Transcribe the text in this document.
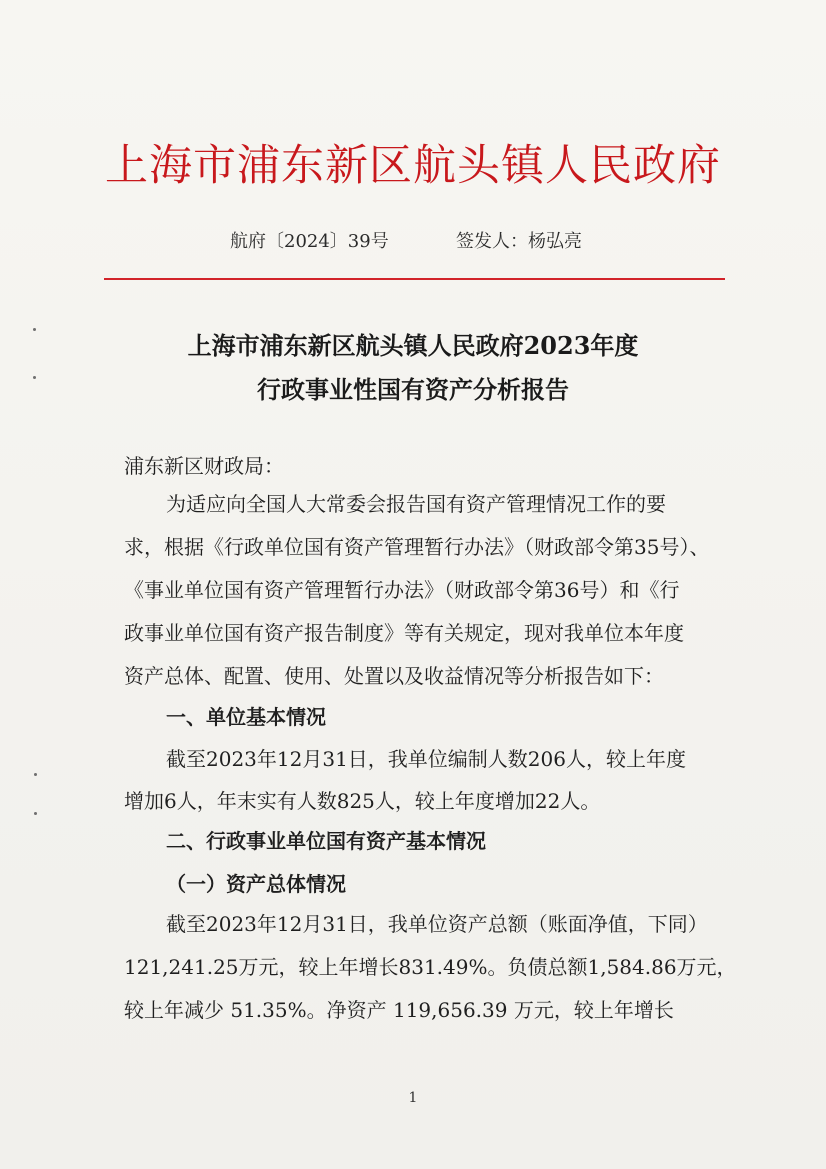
上海市浦东新区航头镇人民政府
航府〔2024〕39号	签发人：杨弘亮
上海市浦东新区航头镇人民政府2023年度
行政事业性国有资产分析报告
浦东新区财政局：
为适应向全国人大常委会报告国有资产管理情况工作的要
求，根据《行政单位国有资产管理暂行办法》（财政部令第35号）、
《事业单位国有资产管理暂行办法》（财政部令第36号）和《行
政事业单位国有资产报告制度》等有关规定，现对我单位本年度
资产总体、配置、使用、处置以及收益情况等分析报告如下：
一、单位基本情况
截至2023年12月31日，我单位编制人数206人，较上年度
增加6人，年末实有人数825人，较上年度增加22人。
二、行政事业单位国有资产基本情况
（一）资产总体情况
截至2023年12月31日，我单位资产总额（账面净值，下同）
121,241.25万元，较上年增长831.49%。负债总额1,584.86万元，
较上年减少 51.35%。净资产 119,656.39 万元，较上年增长
1
